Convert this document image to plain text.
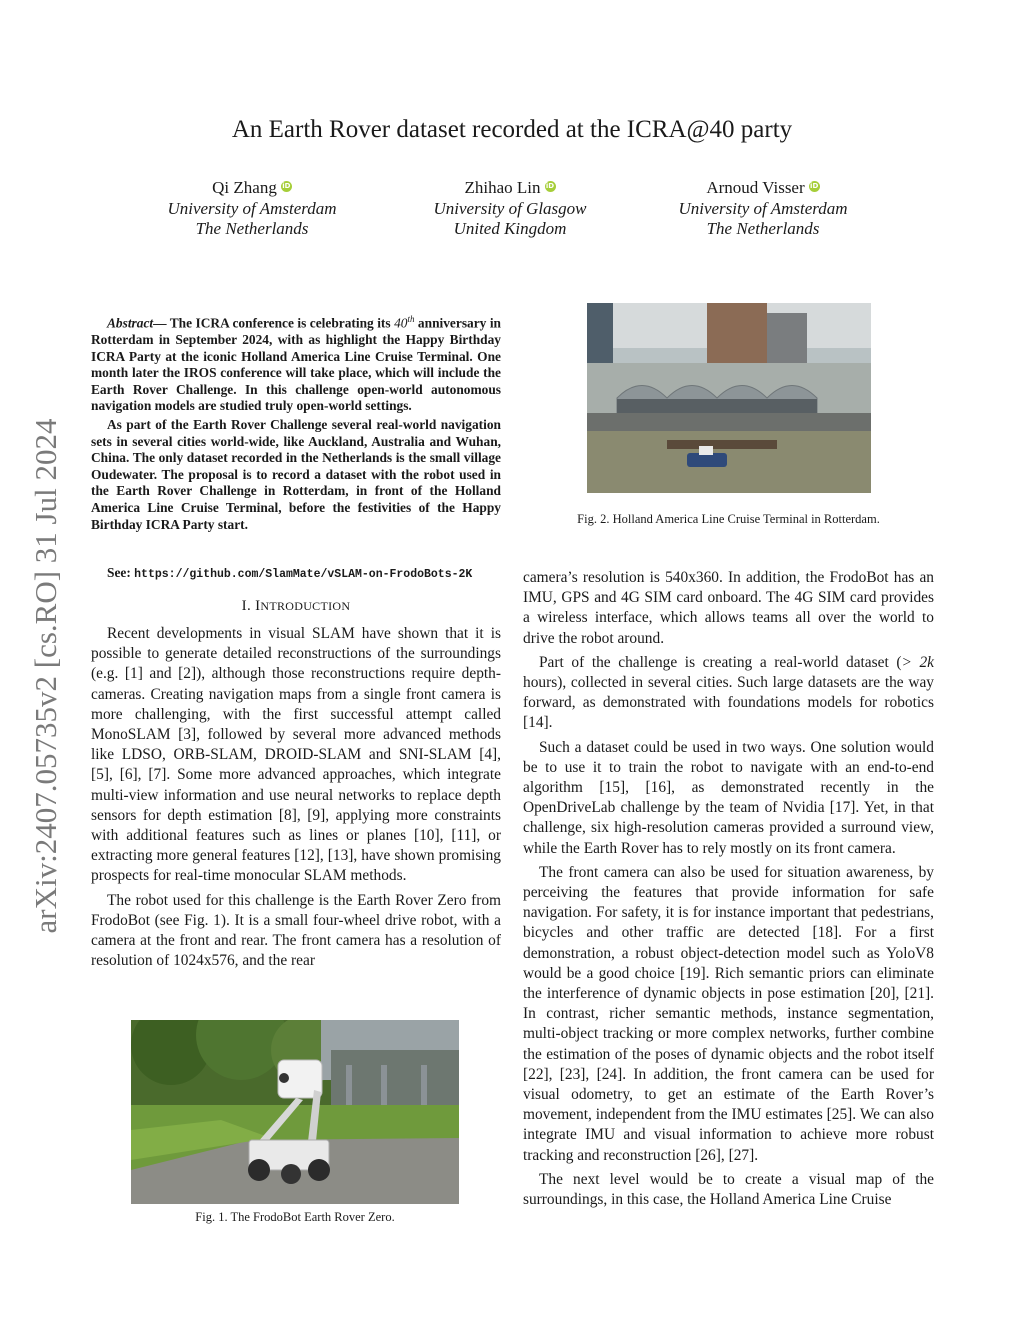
arXiv:2407.05735v2 [cs.RO] 31 Jul 2024
An Earth Rover dataset recorded at the ICRA@40 party
Qi Zhang iD
University of Amsterdam
The Netherlands
Zhihao Lin iD
University of Glasgow
United Kingdom
Arnoud Visser iD
University of Amsterdam
The Netherlands

Abstract— The ICRA conference is celebrating its 40th anniversary in Rotterdam in September 2024, with as highlight the Happy Birthday ICRA Party at the iconic Holland America Line Cruise Terminal. One month later the IROS conference will take place, which will include the Earth Rover Challenge. In this challenge open-world autonomous navigation models are studied truly open-world settings.

As part of the Earth Rover Challenge several real-world navigation sets in several cities world-wide, like Auckland, Australia and Wuhan, China. The only dataset recorded in the Netherlands is the small village Oudewater. The proposal is to record a dataset with the robot used in the Earth Rover Challenge in Rotterdam, in front of the Holland America Line Cruise Terminal, before the festivities of the Happy Birthday ICRA Party start.

See: https://github.com/SlamMate/vSLAM-on-FrodoBots-2K
I. INTRODUCTION

Recent developments in visual SLAM have shown that it is possible to generate detailed reconstructions of the surroundings (e.g. [1] and [2]), although those reconstructions require depth-cameras. Creating navigation maps from a single front camera is more challenging, with the first successful attempt called MonoSLAM [3], followed by several more advanced methods like LDSO, ORB-SLAM, DROID-SLAM and SNI-SLAM [4], [5], [6], [7]. Some more advanced approaches, which integrate multi-view information and use neural networks to replace depth sensors for depth estimation [8], [9], applying more constraints with additional features such as lines or planes [10], [11], or extracting more general features [12], [13], have shown promising prospects for real-time monocular SLAM methods.

The robot used for this challenge is the Earth Rover Zero from FrodoBot (see Fig. 1). It is a small four-wheel drive robot, with a camera at the front and rear. The front camera has a resolution of resolution of 1024x576, and the rear

Fig. 1. The FrodoBot Earth Rover Zero.
Fig. 2. Holland America Line Cruise Terminal in Rotterdam.

camera’s resolution is 540x360. In addition, the FrodoBot has an IMU, GPS and 4G SIM card onboard. The 4G SIM card provides a wireless interface, which allows teams all over the world to drive the robot around.

Part of the challenge is creating a real-world dataset (> 2k hours), collected in several cities. Such large datasets are the way forward, as demonstrated with foundations models for robotics [14].

Such a dataset could be used in two ways. One solution would be to use it to train the robot to navigate with an end-to-end algorithm [15], [16], as demonstrated recently in the OpenDriveLab challenge by the team of Nvidia [17]. Yet, in that challenge, six high-resolution cameras provided a surround view, while the Earth Rover has to rely mostly on its front camera.

The front camera can also be used for situation awareness, by perceiving the features that provide information for safe navigation. For safety, it is for instance important that pedestrians, bicycles and other traffic are detected [18]. For a first demonstration, a robust object-detection model such as YoloV8 would be a good choice [19]. Rich semantic priors can eliminate the interference of dynamic objects in pose estimation [20], [21]. In contrast, richer semantic methods, instance segmentation, multi-object tracking or more complex networks, further combine the estimation of the poses of dynamic objects and the robot itself [22], [23], [24]. In addition, the front camera can be used for visual odometry, to get an estimate of the Earth Rover’s movement, independent from the IMU estimates [25]. We can also integrate IMU and visual information to achieve more robust tracking and reconstruction [26], [27].

The next level would be to create a visual map of the surroundings, in this case, the Holland America Line Cruise
